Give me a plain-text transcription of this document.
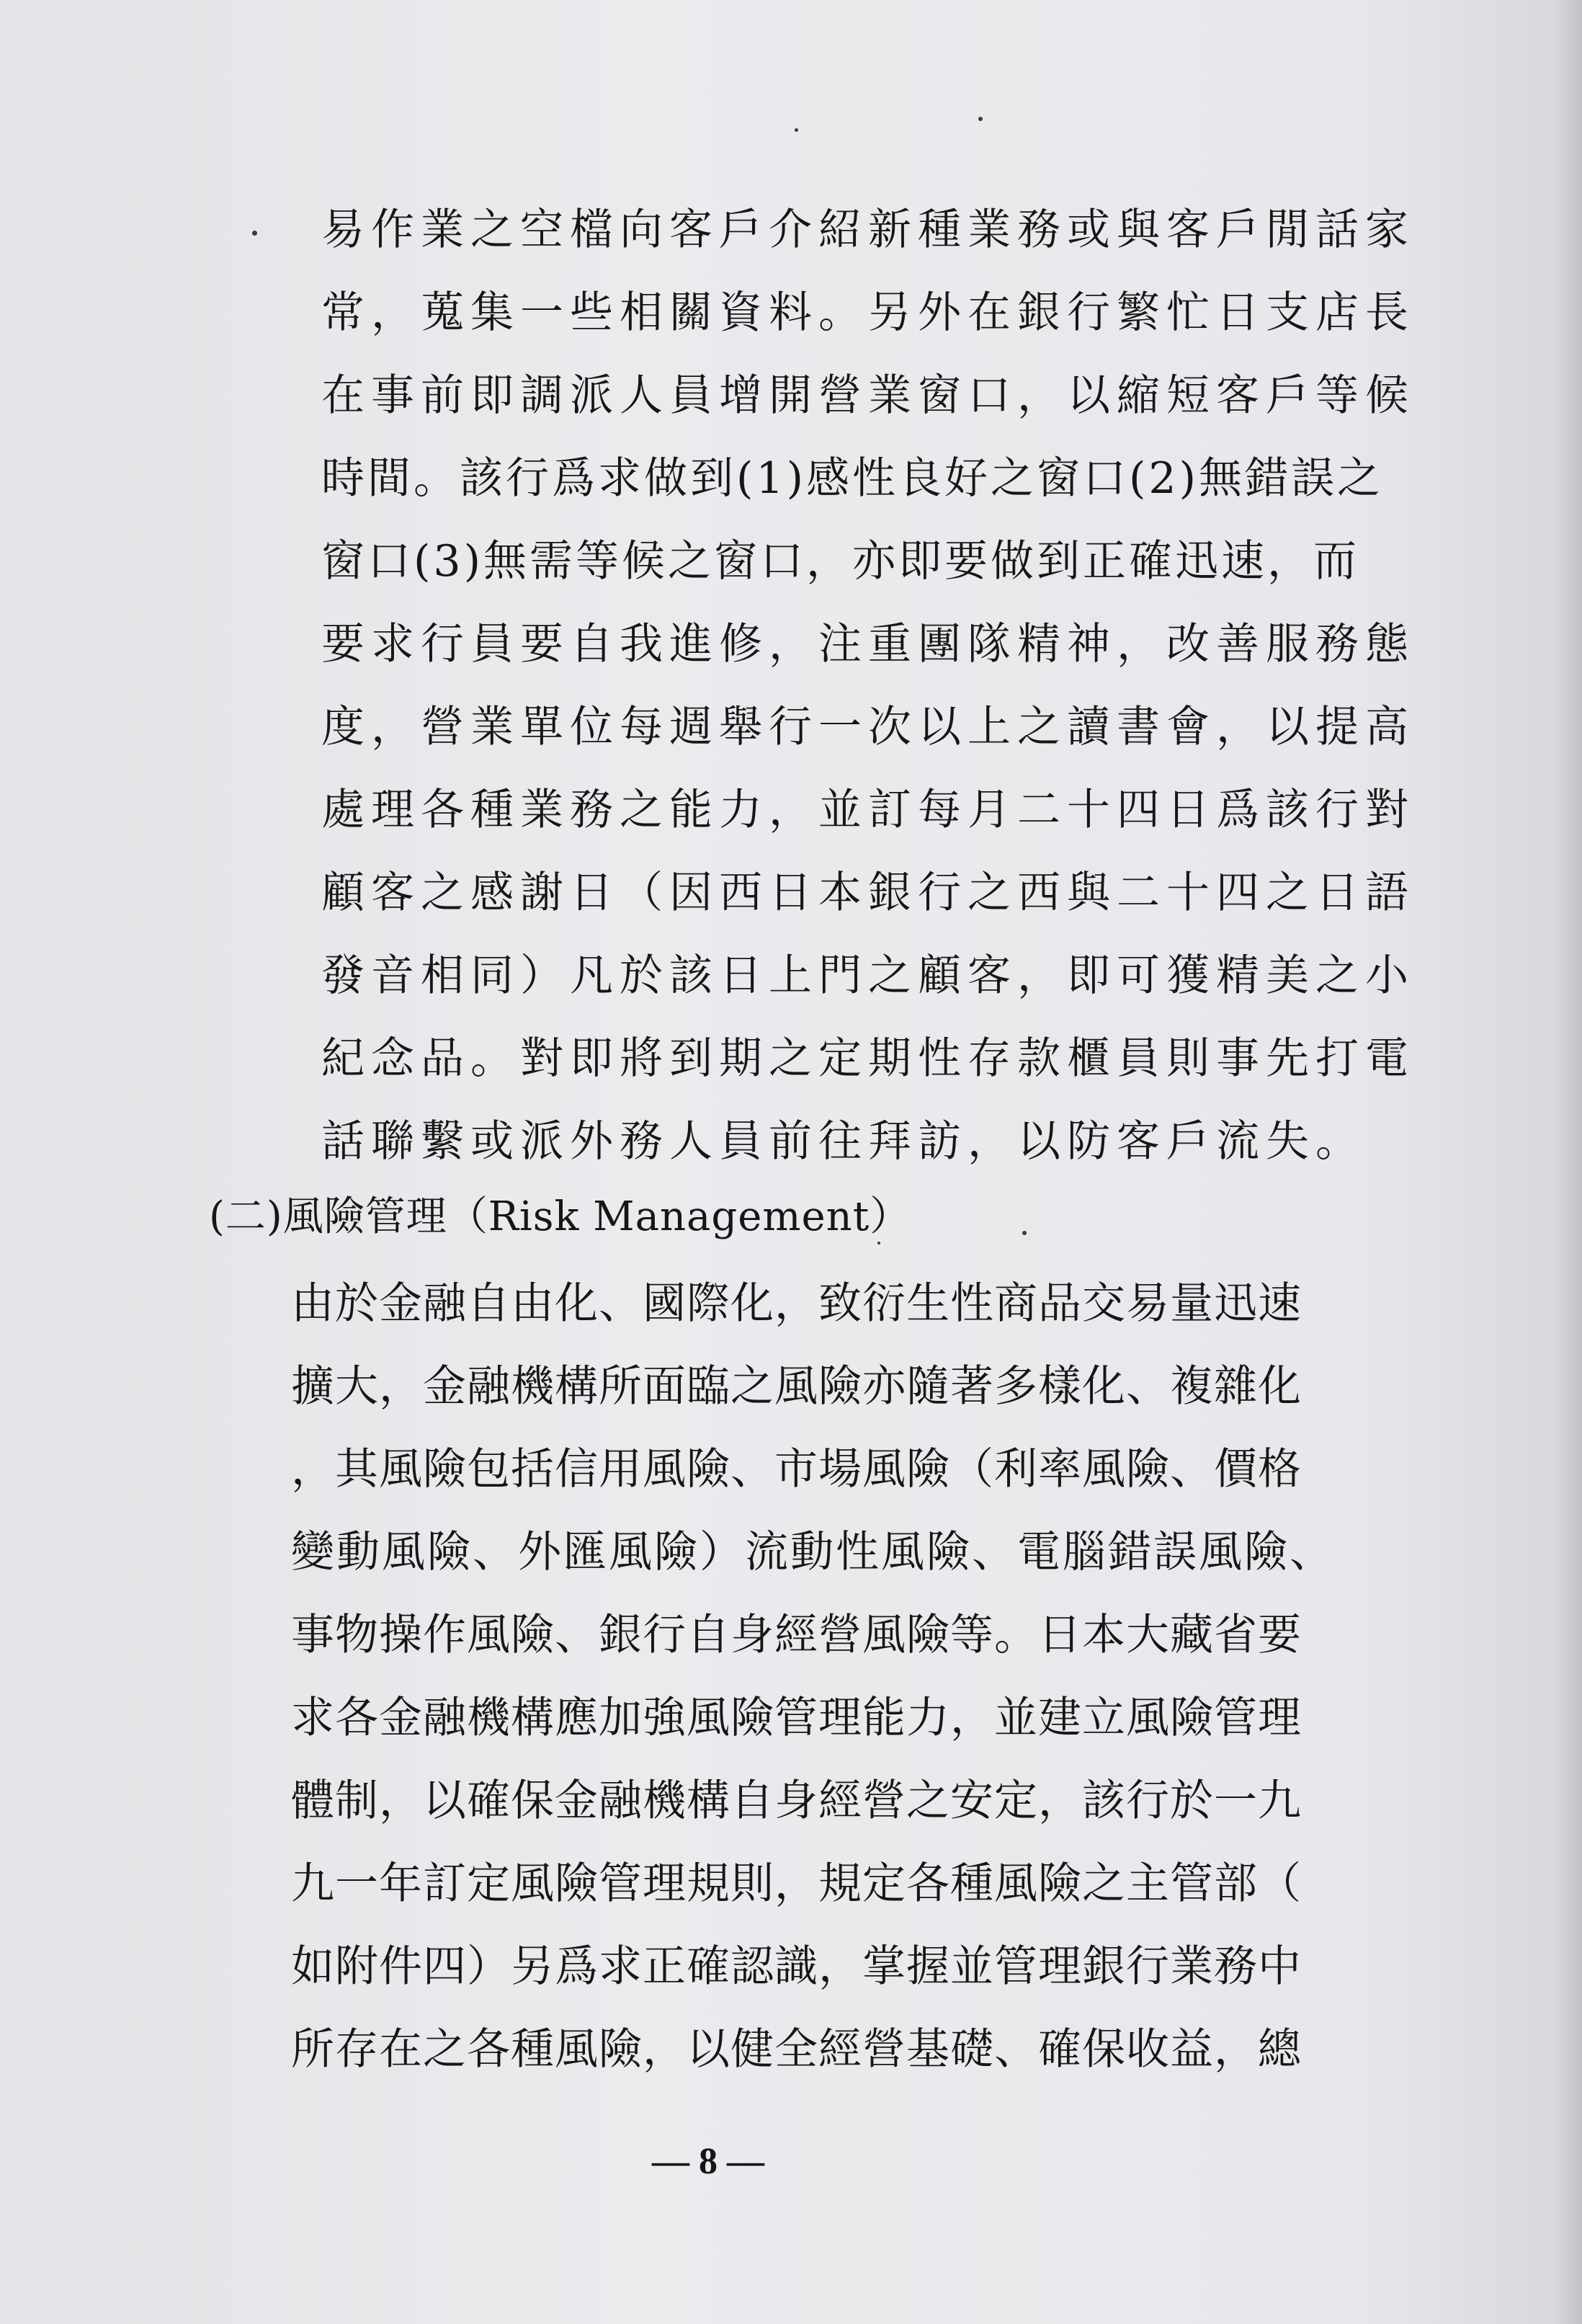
易作業之空檔向客戶介紹新種業務或與客戶閒話家

常，蒐集一些相關資料。另外在銀行繁忙日支店長

在事前即調派人員增開營業窗口，以縮短客戶等候

時間。該行爲求做到(1)感性良好之窗口(2)無錯誤之

窗口(3)無需等候之窗口，亦即要做到正確迅速，而

要求行員要自我進修，注重團隊精神，改善服務態

度，營業單位每週舉行一次以上之讀書會，以提高

處理各種業務之能力，並訂每月二十四日爲該行對

顧客之感謝日（因西日本銀行之西與二十四之日語

發音相同）凡於該日上門之顧客，即可獲精美之小

紀念品。對即將到期之定期性存款櫃員則事先打電

話聯繫或派外務人員前往拜訪，以防客戶流失。

(二)風險管理（Risk Management）

由於金融自由化、國際化，致衍生性商品交易量迅速

擴大，金融機構所面臨之風險亦隨著多樣化、複雜化

，其風險包括信用風險、市場風險（利率風險、價格

變動風險、外匯風險）流動性風險、電腦錯誤風險、

事物操作風險、銀行自身經營風險等。日本大藏省要

求各金融機構應加強風險管理能力，並建立風險管理

體制，以確保金融機構自身經營之安定，該行於一九

九一年訂定風險管理規則，規定各種風險之主管部（

如附件四）另爲求正確認識，掌握並管理銀行業務中

所存在之各種風險，以健全經營基礎、確保收益，總

— 8 —
